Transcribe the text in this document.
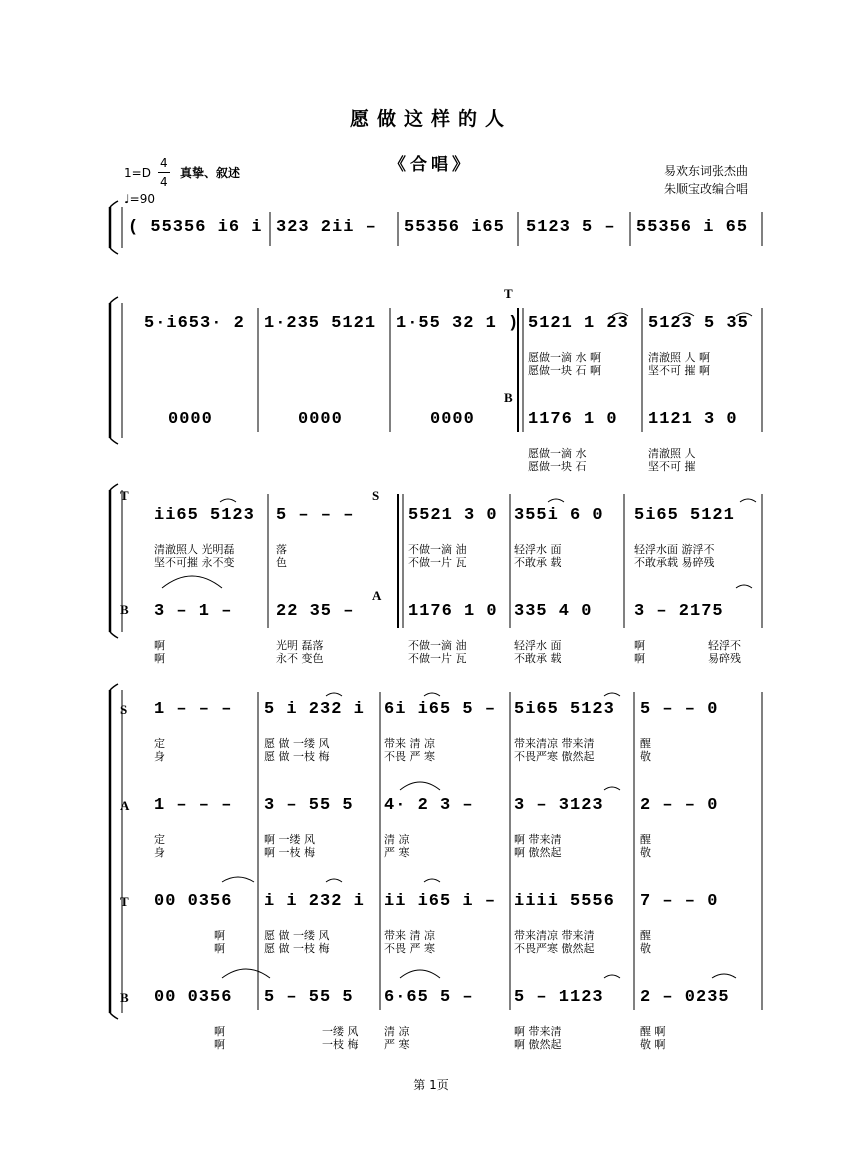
愿做这样的人
《合唱》
1=D
4
4
真挚、叙述
♩=90
易欢东词张杰曲
朱顺宝改编合唱
( 55356 i6 i 323 2ii – 55356 i65 5123 5 – 55356 i 65
T
B
5·i653· 2 1·235 5121 1·55 32 1 ) 5121 1 23 5123 5 35
愿做一滴 水 啊
愿做一块 石 啊
清澈照 人 啊
坚不可 摧 啊
0000	0000	0000	1176 1 0 1121 3 0
愿做一滴 水
愿做一块 石
清澈照 人
坚不可 摧
T	S
B
A
ii65 5123 5 – – –	5521 3 0 355i 6 0 5i65 5121
清澈照人 光明磊
坚不可摧 永不变
落
色
不做一滴 油
不做一片 瓦
轻浮水 面
不敢承 载
轻浮水面 游浮不
不敢承载 易碎残
3 – 1 –	22 35 –	1176 1 0 335 4 0 3 – 2175
啊
啊
光明 磊落
永不 变色
不做一滴 油
不做一片 瓦
轻浮水 面
不敢承 载
啊
啊
轻浮不
易碎残
S 1 – – –
定
身
5 i 232 i
愿 做 一缕 风
愿 做 一枝 梅
6i i65 5 –
带来 清 凉
不畏 严 寒
5i65 5123
带来清凉 带来清
不畏严寒 傲然起
5 – – 0
醒
敬
A 1 – – –
定
身
3 – 55 5
啊 一缕 风
啊 一枝 梅
4· 2 3 –
清 凉
严 寒
3 – 3123
啊 带来清
啊 傲然起
2 – – 0
醒
敬
T 00 0356
啊
啊
i i 232 i
愿 做 一缕 风
愿 做 一枝 梅
ii i65 i –
带来 清 凉
不畏 严 寒
iiii 5556
带来清凉 带来清
不畏严寒 傲然起
7 – – 0
醒
敬
B 00 0356
啊
啊
5 – 55 5
一缕 风
一枝 梅
6·65 5 –
清 凉
严 寒
5 – 1123
啊 带来清
啊 傲然起
2 – 0235
醒 啊
敬 啊
第 1页
